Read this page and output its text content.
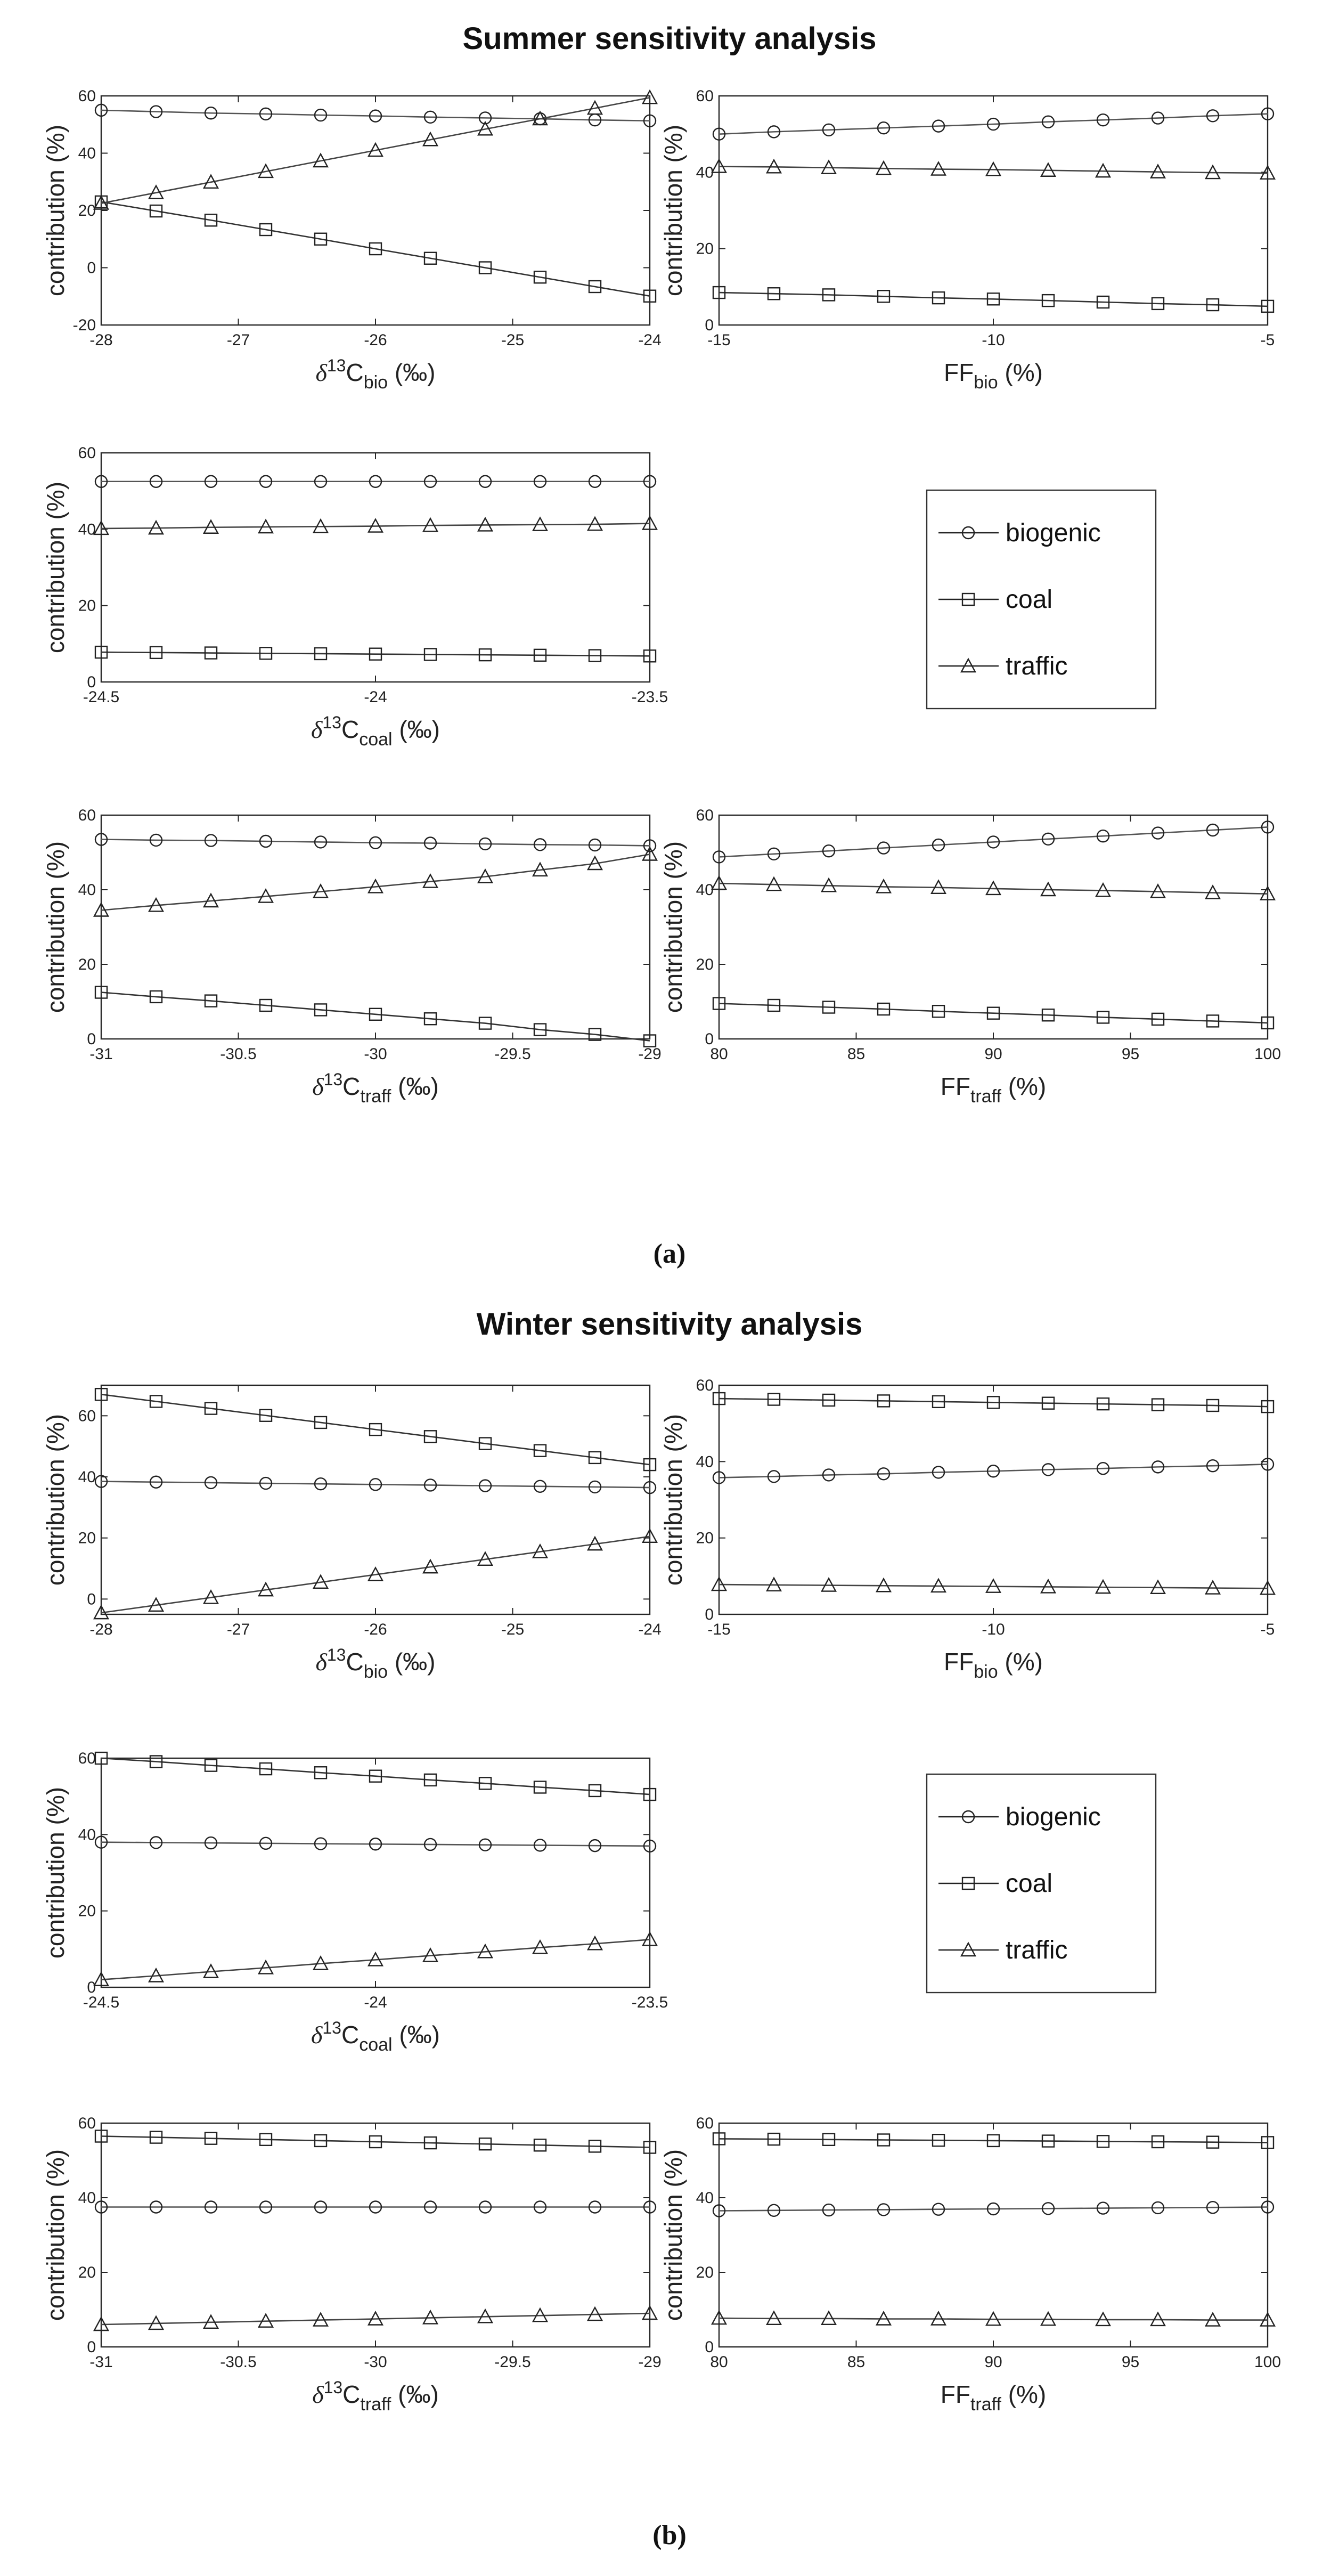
Summer sensitivity analysis
(a)
Winter sensitivity analysis
(b)
-20
0
20
40
60
-28	-27	-26	-25	-24
contribution (%)
$\delta^{13}C_{bio}$ (‰)
0
20
40
60
-15	-10	-5
contribution (%)
$FF_{bio}$ (%)
0
20
40
60
-24.5	-24	-23.5
contribution (%)
$\delta^{13}C_{coal}$ (‰)
0
20
40
60
-31	-30.5	-30	-29.5	-29
contribution (%)
$\delta^{13}C_{traff}$ (‰)
0
20
40
60
80	85	90	95	100
contribution (%)
$FF_{traff}$ (%)
0
20
40
60
-28	-27	-26	-25	-24
contribution (%)
$\delta^{13}C_{bio}$ (‰)
0
20
40
60
-15	-10	-5
contribution (%)
$FF_{bio}$ (%)
0
20
40
60
-24.5	-24	-23.5
contribution (%)
$\delta^{13}C_{coal}$ (‰)
0
20
40
60
-31	-30.5	-30	-29.5	-29
contribution (%)
$\delta^{13}C_{traff}$ (‰)
0
20
40
60
80	85	90	95	100
contribution (%)
$FF_{traff}$ (%)
biogenic
coal
traffic
biogenic
coal
traffic
